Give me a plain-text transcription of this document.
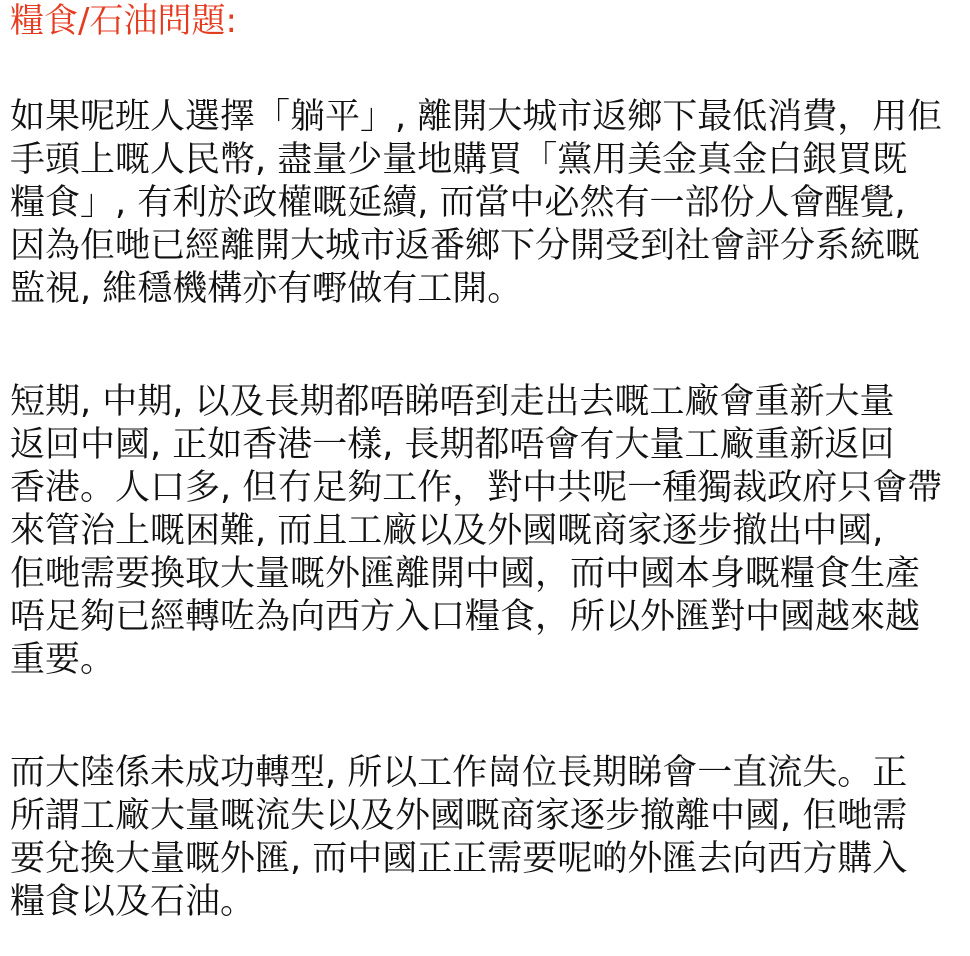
糧食/石油問題:
如果呢班人選擇「躺平」, 離開大城市返鄉下最低消費，用佢
手頭上嘅人民幣, 盡量少量地購買「黨用美金真金白銀買既
糧食」, 有利於政權嘅延續, 而當中必然有一部份人會醒覺,
因為佢哋已經離開大城市返番鄉下分開受到社會評分系統嘅
監視, 維穩機構亦有嘢做有工開。
短期, 中期, 以及長期都唔睇唔到走出去嘅工廠會重新大量
返回中國, 正如香港一樣, 長期都唔會有大量工廠重新返回
香港。人口多, 但冇足夠工作，對中共呢一種獨裁政府只會帶
來管治上嘅困難, 而且工廠以及外國嘅商家逐步撤出中國,
佢哋需要換取大量嘅外匯離開中國，而中國本身嘅糧食生產
唔足夠已經轉咗為向西方入口糧食，所以外匯對中國越來越
重要。
而大陸係未成功轉型, 所以工作崗位長期睇會一直流失。正
所謂工廠大量嘅流失以及外國嘅商家逐步撤離中國, 佢哋需
要兌換大量嘅外匯, 而中國正正需要呢啲外匯去向西方購入
糧食以及石油。
